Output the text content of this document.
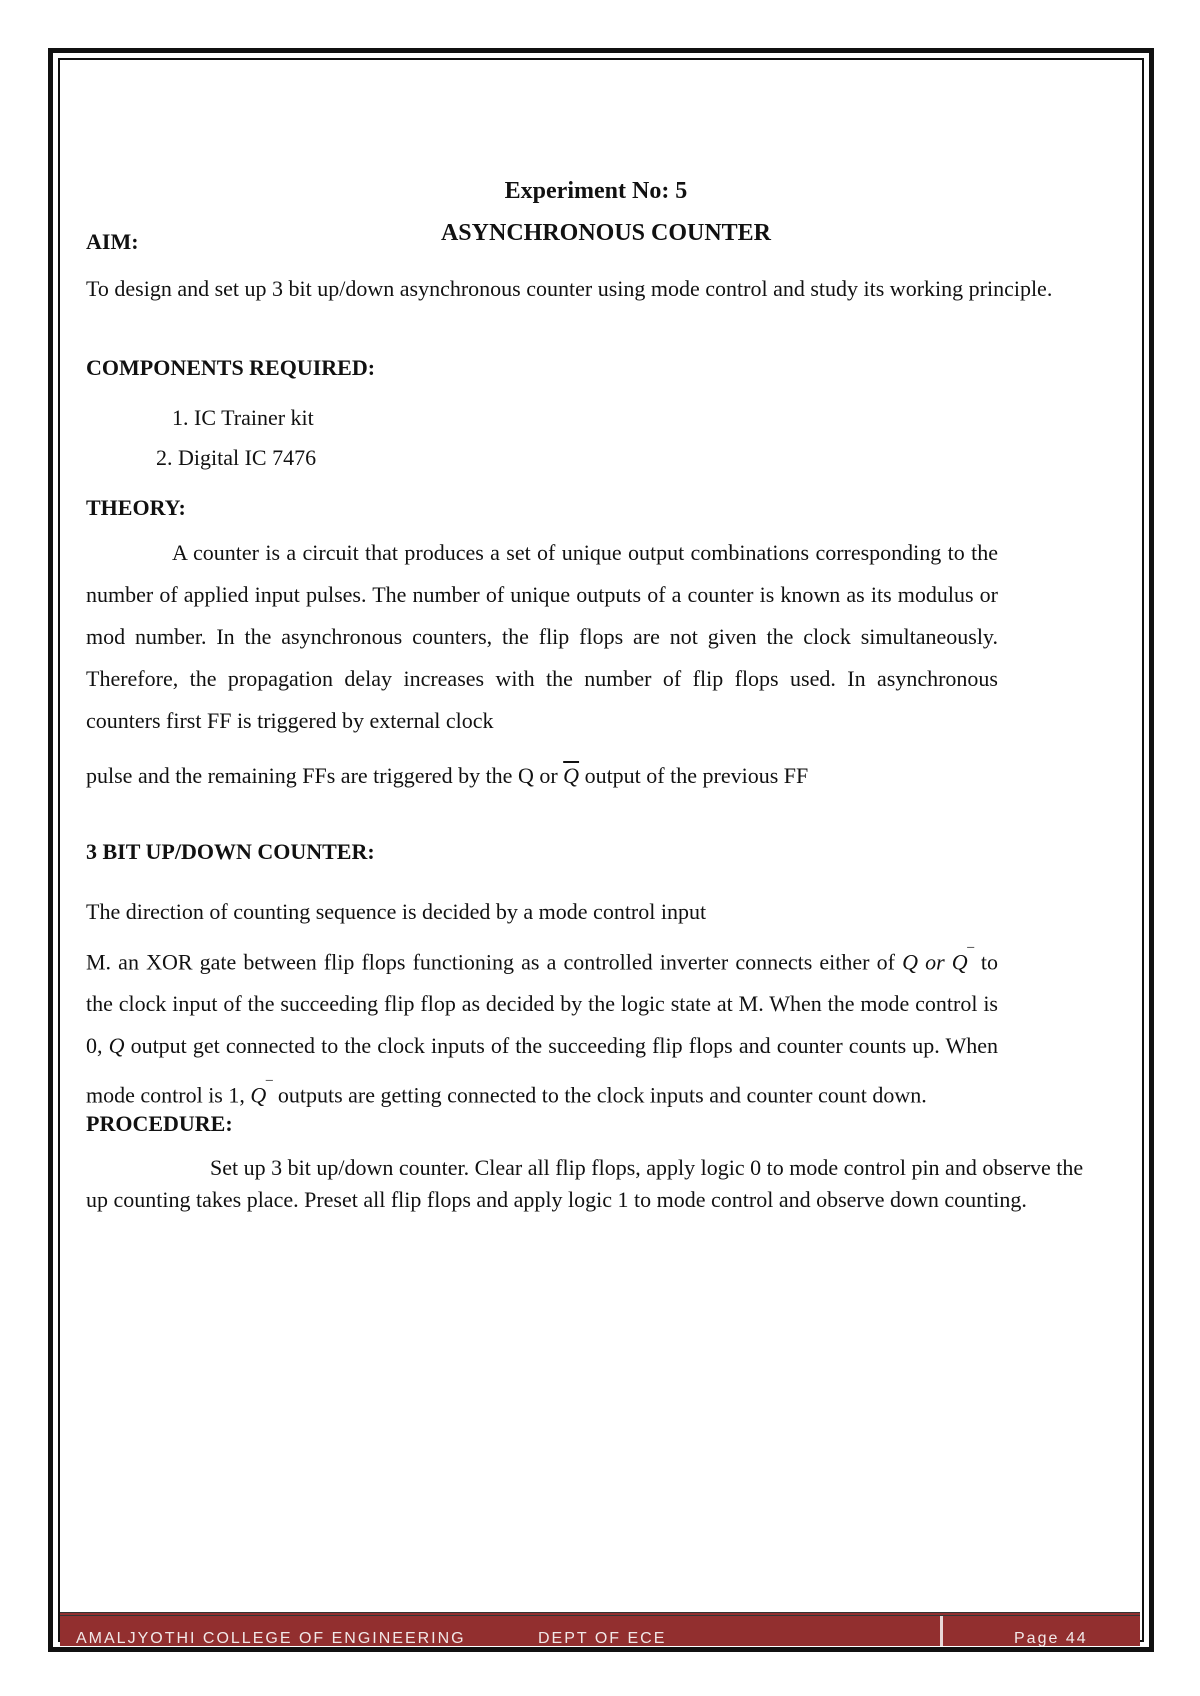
Experiment No: 5

ASYNCHRONOUS COUNTER

AIM:

To design and set up 3 bit up/down asynchronous counter using mode control and study its working principle.

COMPONENTS REQUIRED:

1. IC Trainer kit

2. Digital IC 7476

THEORY:

A counter is a circuit that produces a set of unique output combinations corresponding to the number of applied input pulses. The number of unique outputs of a counter is known as its modulus or mod number. In the asynchronous counters, the flip flops are not given the clock simultaneously. Therefore, the propagation delay increases with the number of flip flops used. In asynchronous counters first FF is triggered by external clock

pulse and the remaining FFs are triggered by the Q or $\overline{Q}$ output of the previous FF

3 BIT UP/DOWN COUNTER:

The direction of counting sequence is decided by a mode control input

M. an XOR gate between flip flops functioning as a controlled inverter connects either of Q or Q‾ to the clock input of the succeeding flip flop as decided by the logic state at M. When the mode control is 0, Q output get connected to the clock inputs of the succeeding flip flops and counter counts up. When mode control is 1, Q‾ outputs are getting connected to the clock inputs and counter count down.

PROCEDURE:

Set up 3 bit up/down counter. Clear all flip flops, apply logic 0 to mode control pin and observe the up counting takes place. Preset all flip flops and apply logic 1 to mode control and observe down counting.

AMALJYOTHI COLLEGE OF ENGINEERING	DEPT OF ECE	Page 44
